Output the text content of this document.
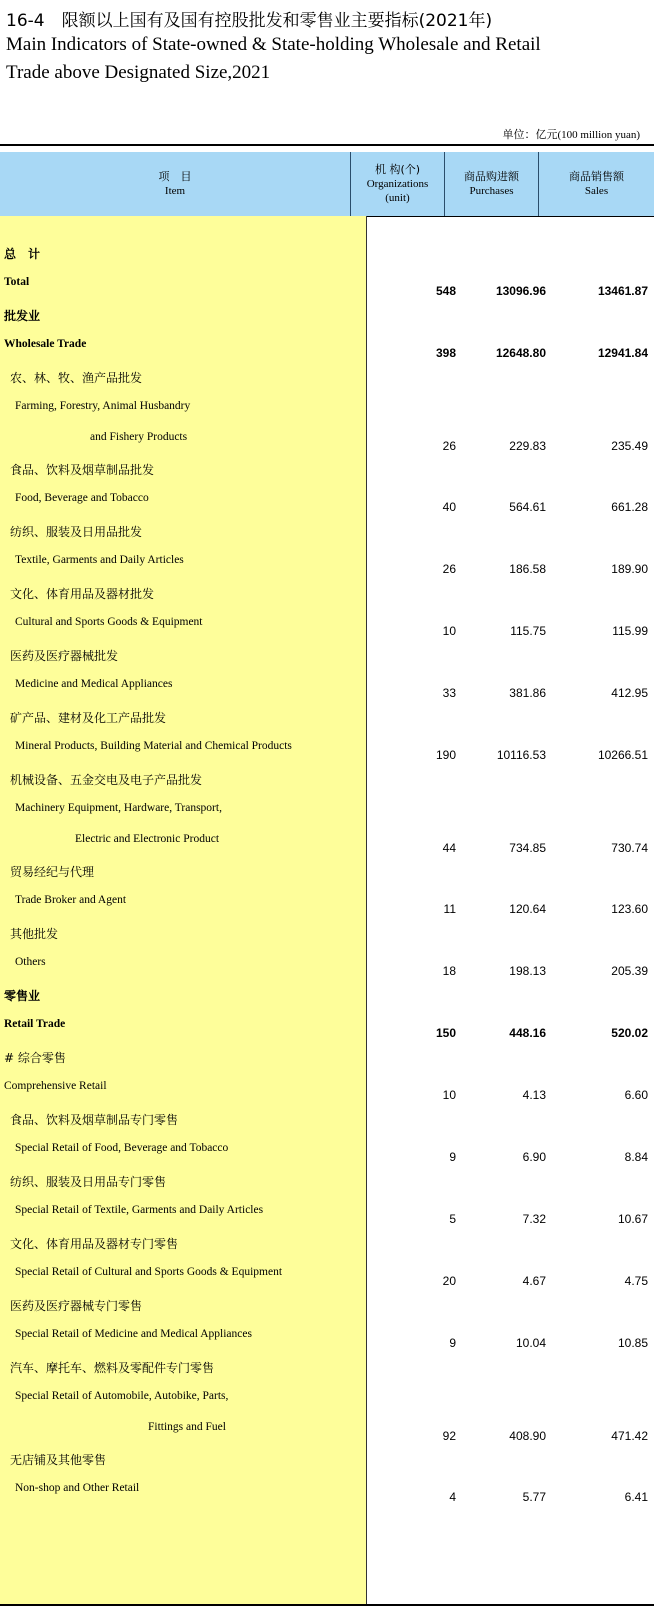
16-4　限额以上国有及国有控股批发和零售业主要指标(2021年)
Main Indicators of State-owned & State-holding Wholesale and Retail
Trade above Designated Size,2021
单位：亿元(100 million yuan)
项　目
Item
机 构(个)
Organizations
(unit)
商品购进额
Purchases
商品销售额
Sales
总　计
Total
548	13096.96	13461.87
批发业
Wholesale Trade
398	12648.80	12941.84
农、林、牧、渔产品批发
Farming, Forestry, Animal Husbandry
and Fishery Products
26	229.83	235.49
食品、饮料及烟草制品批发
Food, Beverage and Tobacco
40	564.61	661.28
纺织、服装及日用品批发
Textile, Garments and Daily Articles
26	186.58	189.90
文化、体育用品及器材批发
Cultural and Sports Goods & Equipment
10	115.75	115.99
医药及医疗器械批发
Medicine and Medical Appliances
33	381.86	412.95
矿产品、建材及化工产品批发
Mineral Products, Building Material and Chemical Products
190	10116.53	10266.51
机械设备、五金交电及电子产品批发
Machinery Equipment, Hardware, Transport,
Electric and Electronic Product
44	734.85	730.74
贸易经纪与代理
Trade Broker and Agent
11	120.64	123.60
其他批发
Others
18	198.13	205.39
零售业
Retail Trade
150	448.16	520.02
# 综合零售
Comprehensive Retail
10	4.13	6.60
食品、饮料及烟草制品专门零售
Special Retail of Food, Beverage and Tobacco
9	6.90	8.84
纺织、服装及日用品专门零售
Special Retail of Textile, Garments and Daily Articles
5	7.32	10.67
文化、体育用品及器材专门零售
Special Retail of Cultural and Sports Goods & Equipment
20	4.67	4.75
医药及医疗器械专门零售
Special Retail of Medicine and Medical Appliances
9	10.04	10.85
汽车、摩托车、燃料及零配件专门零售
Special Retail of Automobile, Autobike, Parts,
Fittings and Fuel
92	408.90	471.42
无店铺及其他零售
Non-shop and Other Retail
4	5.77	6.41
